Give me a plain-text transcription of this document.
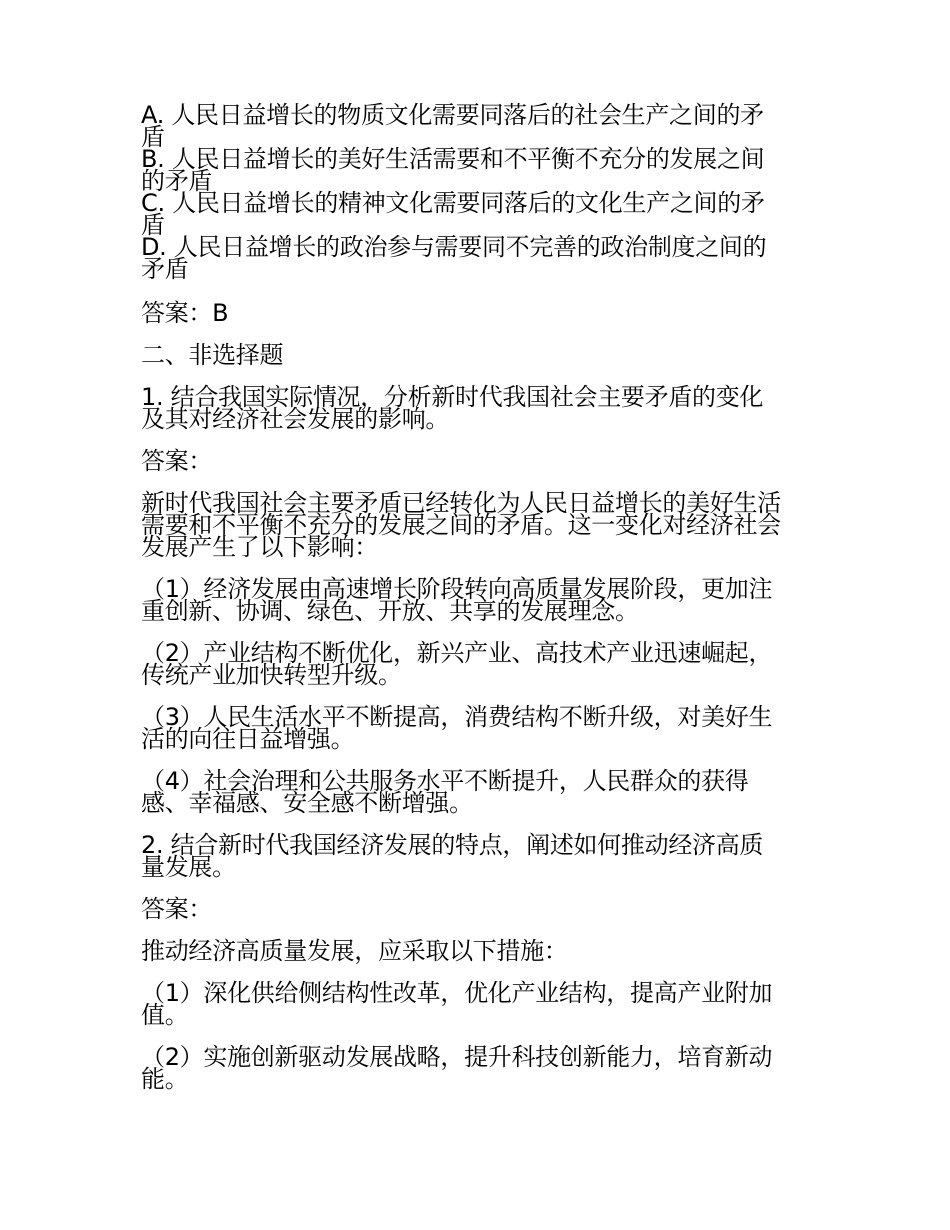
A. 人民日益增长的物质文化需要同落后的社会生产之间的矛
盾
B. 人民日益增长的美好生活需要和不平衡不充分的发展之间
的矛盾
C. 人民日益增长的精神文化需要同落后的文化生产之间的矛
盾
D. 人民日益增长的政治参与需要同不完善的政治制度之间的
矛盾
答案：B
二、非选择题
1. 结合我国实际情况，分析新时代我国社会主要矛盾的变化
及其对经济社会发展的影响。
答案：
新时代我国社会主要矛盾已经转化为人民日益增长的美好生活
需要和不平衡不充分的发展之间的矛盾。这一变化对经济社会
发展产生了以下影响：
（1）经济发展由高速增长阶段转向高质量发展阶段，更加注
重创新、协调、绿色、开放、共享的发展理念。
（2）产业结构不断优化，新兴产业、高技术产业迅速崛起，
传统产业加快转型升级。
（3）人民生活水平不断提高，消费结构不断升级，对美好生
活的向往日益增强。
（4）社会治理和公共服务水平不断提升，人民群众的获得
感、幸福感、安全感不断增强。
2. 结合新时代我国经济发展的特点，阐述如何推动经济高质
量发展。
答案：
推动经济高质量发展，应采取以下措施：
（1）深化供给侧结构性改革，优化产业结构，提高产业附加
值。
（2）实施创新驱动发展战略，提升科技创新能力，培育新动
能。
